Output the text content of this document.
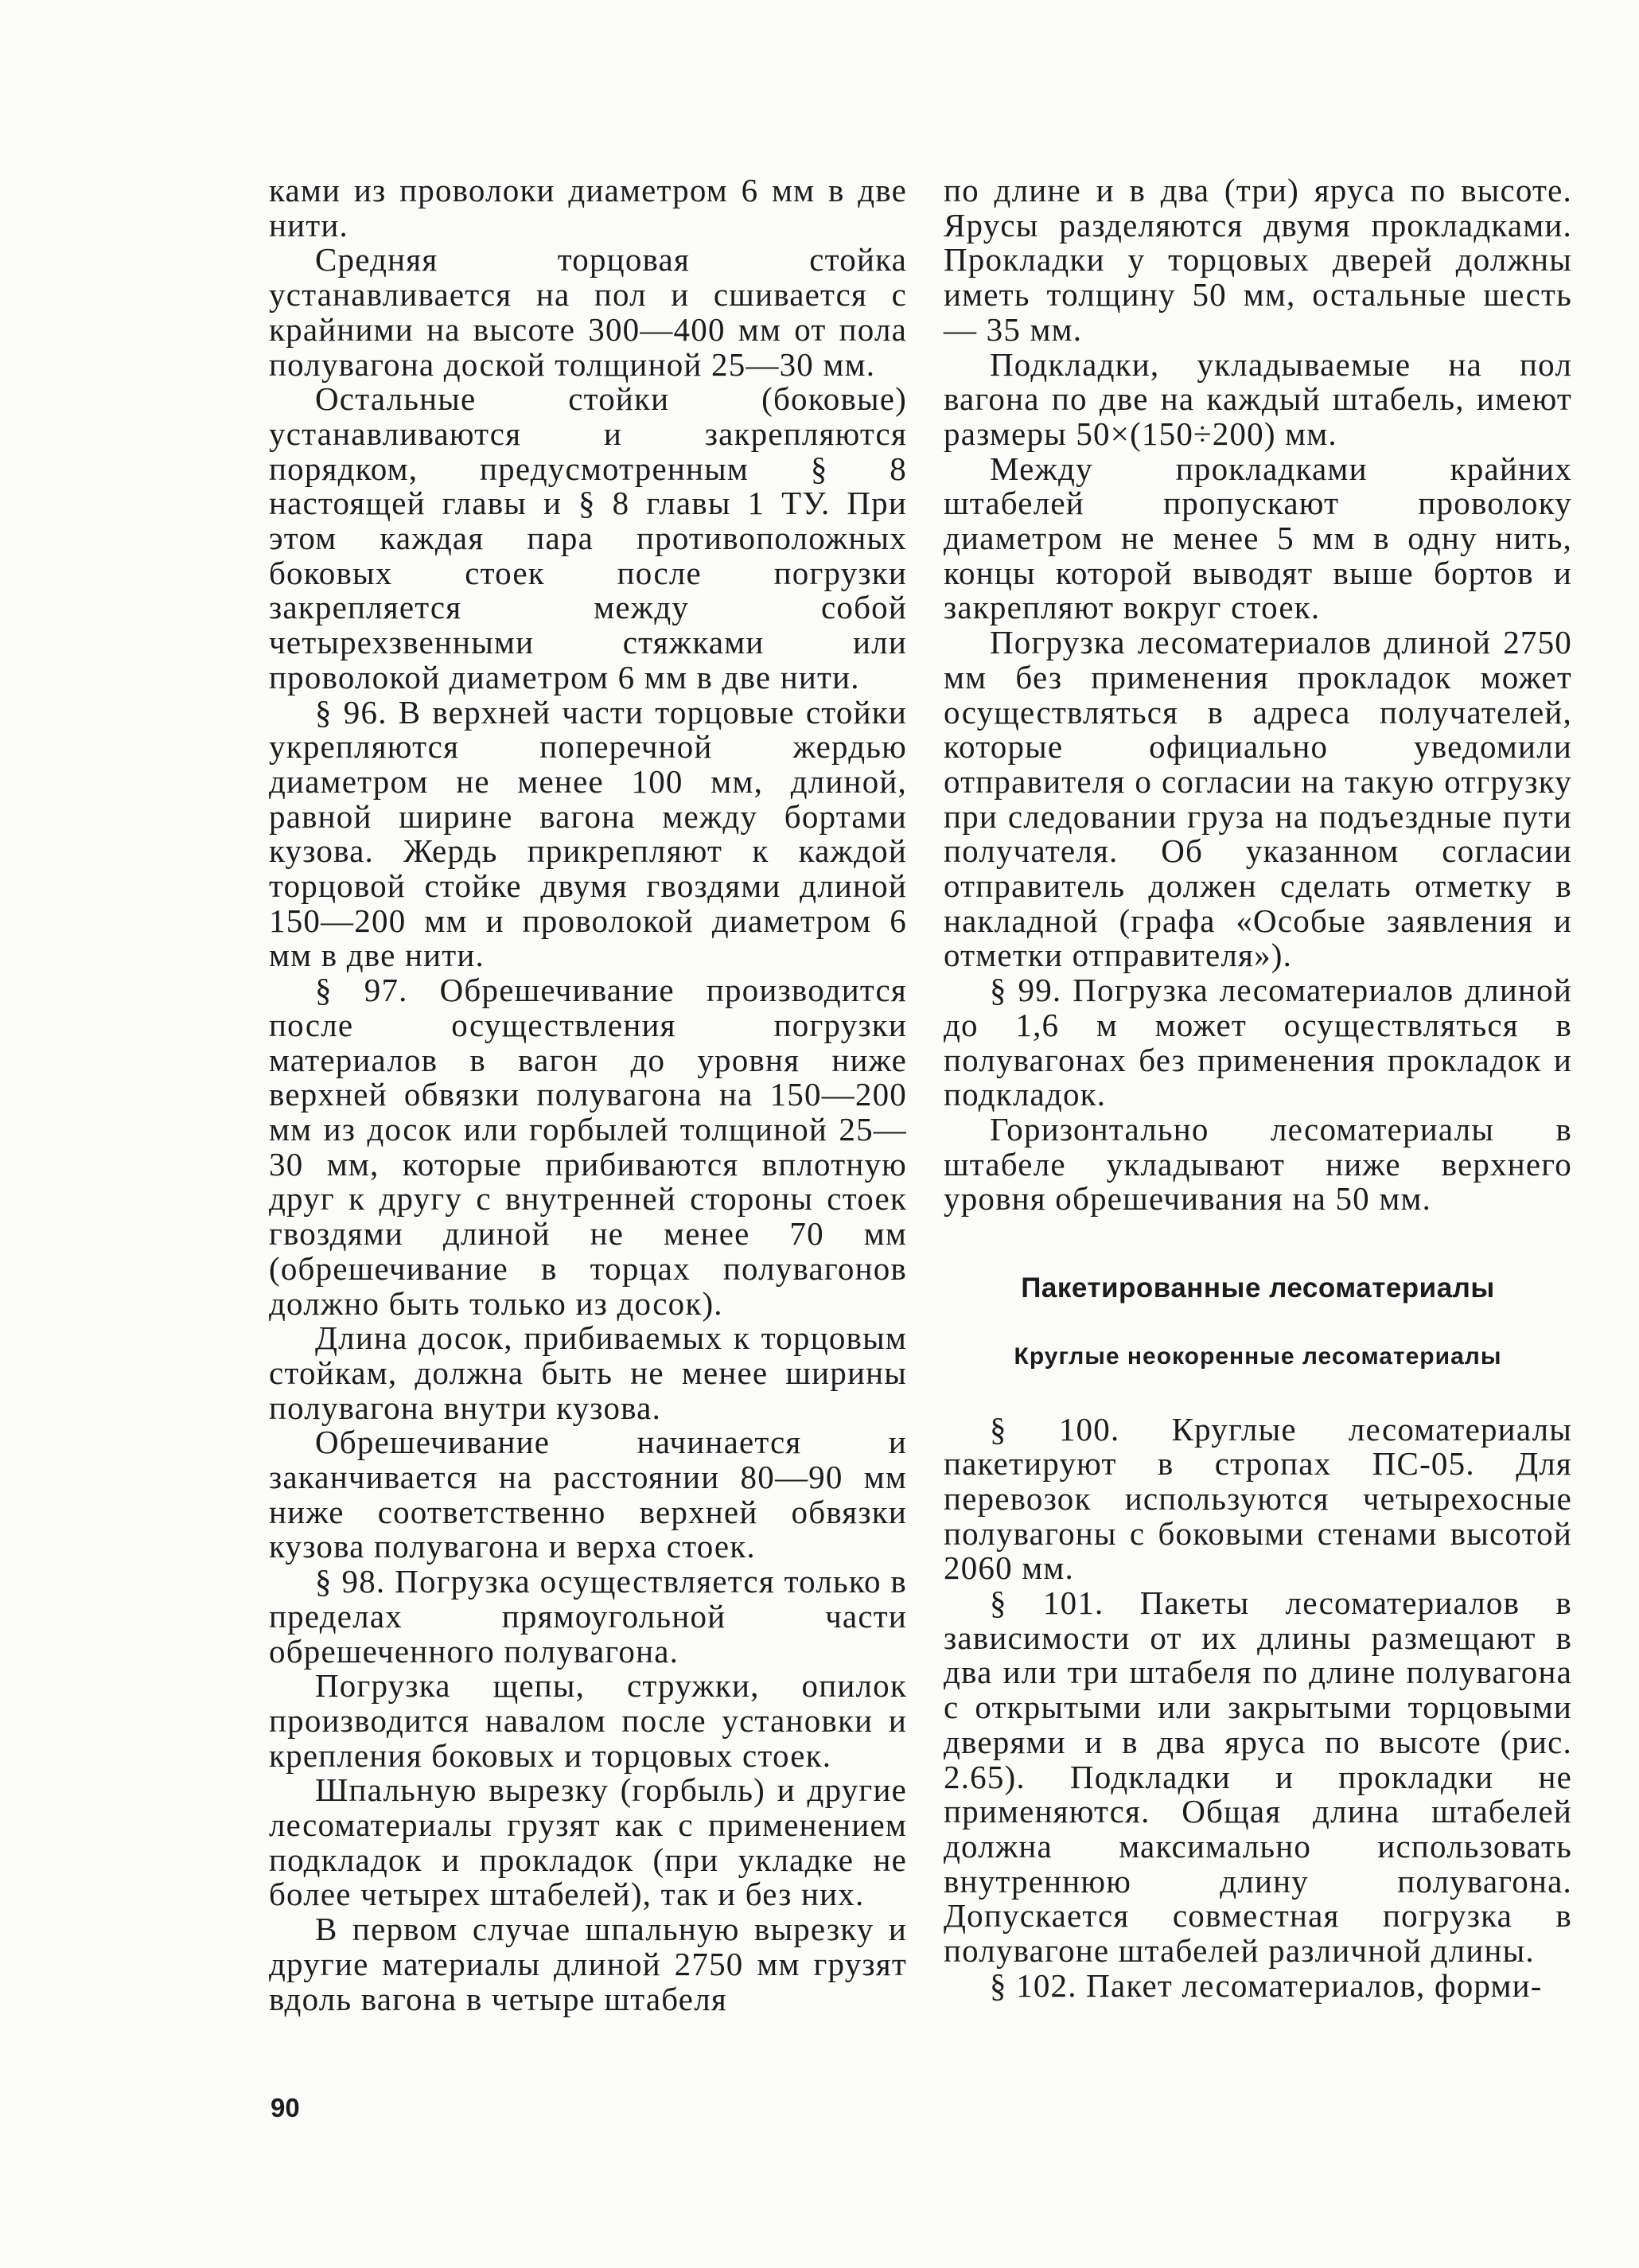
ками из проволоки диаметром 6 мм в две нити.

Средняя торцовая стойка устанавливается на пол и сшивается с крайними на высоте 300—400 мм от пола полувагона доской толщиной 25—30 мм.

Остальные стойки (боковые) устанавливаются и закрепляются порядком, предусмотренным § 8 настоящей главы и § 8 главы 1 ТУ. При этом каждая пара противоположных боковых стоек после погрузки закрепляется между собой четырехзвенными стяжками или проволокой диаметром 6 мм в две нити.

§ 96. В верхней части торцовые стойки укрепляются поперечной жердью диаметром не менее 100 мм, длиной, равной ширине вагона между бортами кузова. Жердь прикрепляют к каждой торцовой стойке двумя гвоздями длиной 150—200 мм и проволокой диаметром 6 мм в две нити.

§ 97. Обрешечивание производится после осуществления погрузки материалов в вагон до уровня ниже верхней обвязки полувагона на 150—200 мм из досок или горбылей толщиной 25—30 мм, которые прибиваются вплотную друг к другу с внутренней стороны стоек гвоздями длиной не менее 70 мм (обрешечивание в торцах полувагонов должно быть только из досок).

Длина досок, прибиваемых к торцовым стойкам, должна быть не менее ширины полувагона внутри кузова.

Обрешечивание начинается и заканчивается на расстоянии 80—90 мм ниже соответственно верхней обвязки кузова полувагона и верха стоек.

§ 98. Погрузка осуществляется только в пределах прямоугольной части обрешеченного полувагона.

Погрузка щепы, стружки, опилок производится навалом после установки и крепления боковых и торцовых стоек.

Шпальную вырезку (горбыль) и другие лесоматериалы грузят как с применением подкладок и прокладок (при укладке не более четырех штабелей), так и без них.

В первом случае шпальную вырезку и другие материалы длиной 2750 мм грузят вдоль вагона в четыре штабеля

по длине и в два (три) яруса по высоте. Ярусы разделяются двумя прокладками. Прокладки у торцовых дверей должны иметь толщину 50 мм, остальные шесть — 35 мм.

Подкладки, укладываемые на пол вагона по две на каждый штабель, имеют размеры 50×(150÷200) мм.

Между прокладками крайних штабелей пропускают проволоку диаметром не менее 5 мм в одну нить, концы которой выводят выше бортов и закрепляют вокруг стоек.

Погрузка лесоматериалов длиной 2750 мм без применения прокладок может осуществляться в адреса получателей, которые официально уведомили отправителя о согласии на такую отгрузку при следовании груза на подъездные пути получателя. Об указанном согласии отправитель должен сделать отметку в накладной (графа «Особые заявления и отметки отправителя»).

§ 99. Погрузка лесоматериалов длиной до 1,6 м может осуществляться в полувагонах без применения прокладок и подкладок.

Горизонтально лесоматериалы в штабеле укладывают ниже верхнего уровня обрешечивания на 50 мм.

Пакетированные лесоматериалы
Круглые неокоренные лесоматериалы

§ 100. Круглые лесоматериалы пакетируют в стропах ПС-05. Для перевозок используются четырехосные полувагоны с боковыми стенами высотой 2060 мм.

§ 101. Пакеты лесоматериалов в зависимости от их длины размещают в два или три штабеля по длине полувагона с открытыми или закрытыми торцовыми дверями и в два яруса по высоте (рис. 2.65). Подкладки и прокладки не применяются. Общая длина штабелей должна максимально использовать внутреннюю длину полувагона. Допускается совместная погрузка в полувагоне штабелей различной длины.

§ 102. Пакет лесоматериалов, форми-

90
